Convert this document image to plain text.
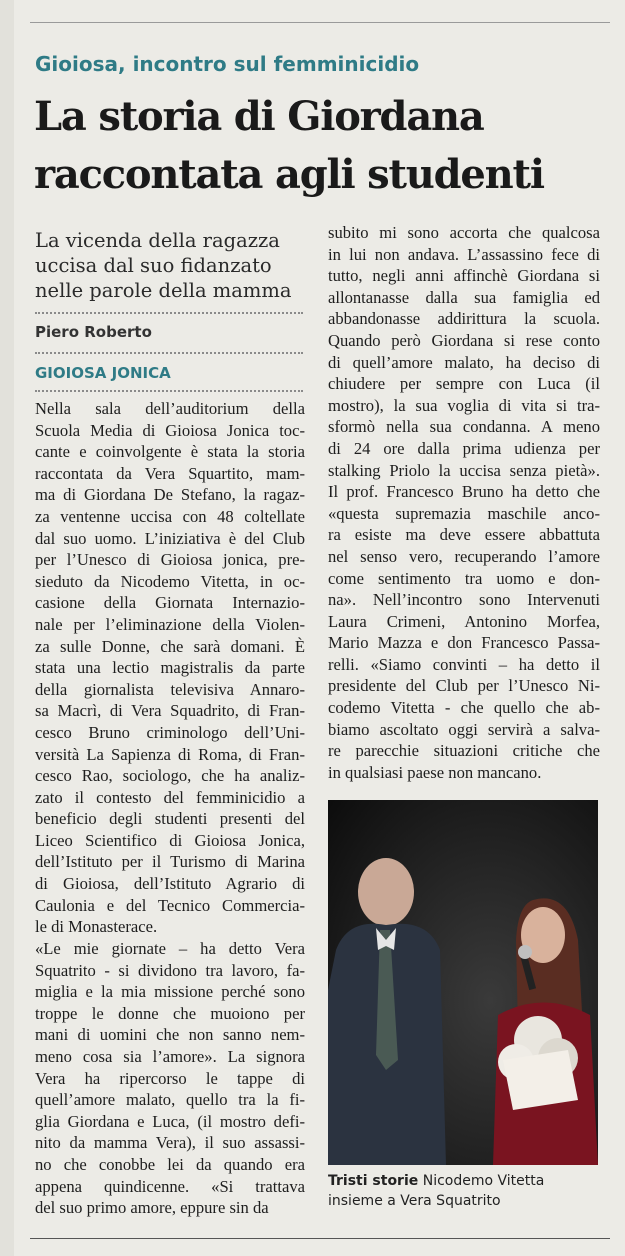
Gioiosa, incontro sul femminicidio
La storia di Giordana
raccontata agli studenti
La vicenda della ragazza
uccisa dal suo fidanzato
nelle parole della mamma
Piero Roberto
GIOIOSA JONICA
Nella sala dell’auditorium della
Scuola Media di Gioiosa Jonica toc-
cante e coinvolgente è stata la storia
raccontata da Vera Squartito, mam-
ma di Giordana De Stefano, la ragaz-
za ventenne uccisa con 48 coltellate
dal suo uomo. L’iniziativa è del Club
per l’Unesco di Gioiosa jonica, pre-
sieduto da Nicodemo Vitetta, in oc-
casione della Giornata Internazio-
nale per l’eliminazione della Violen-
za sulle Donne, che sarà domani. È
stata una lectio magistralis da parte
della giornalista televisiva Annaro-
sa Macrì, di Vera Squadrito, di Fran-
cesco Bruno criminologo dell’Uni-
versità La Sapienza di Roma, di Fran-
cesco Rao, sociologo, che ha analiz-
zato il contesto del femminicidio a
beneficio degli studenti presenti del
Liceo Scientifico di Gioiosa Jonica,
dell’Istituto per il Turismo di Marina
di Gioiosa, dell’Istituto Agrario di
Caulonia e del Tecnico Commercia-
le di Monasterace.
«Le mie giornate – ha detto Vera
Squatrito - si dividono tra lavoro, fa-
miglia e la mia missione perché sono
troppe le donne che muoiono per
mani di uomini che non sanno nem-
meno cosa sia l’amore». La signora
Vera ha ripercorso le tappe di
quell’amore malato, quello tra la fi-
glia Giordana e Luca, (il mostro defi-
nito da mamma Vera), il suo assassi-
no che conobbe lei da quando era
appena quindicenne. «Si trattava
del suo primo amore, eppure sin da
subito mi sono accorta che qualcosa
in lui non andava. L’assassino fece di
tutto, negli anni affinchè Giordana si
allontanasse dalla sua famiglia ed
abbandonasse addirittura la scuola.
Quando però Giordana si rese conto
di quell’amore malato, ha deciso di
chiudere per sempre con Luca (il
mostro), la sua voglia di vita si tra-
sformò nella sua condanna. A meno
di 24 ore dalla prima udienza per
stalking Priolo la uccisa senza pietà».
Il prof. Francesco Bruno ha detto che
«questa supremazia maschile anco-
ra esiste ma deve essere abbattuta
nel senso vero, recuperando l’amore
come sentimento tra uomo e don-
na». Nell’incontro sono Intervenuti
Laura Crimeni, Antonino Morfea,
Mario Mazza e don Francesco Passa-
relli. «Siamo convinti – ha detto il
presidente del Club per l’Unesco Ni-
codemo Vitetta - che quello che ab-
biamo ascoltato oggi servirà a salva-
re parecchie situazioni critiche che
in qualsiasi paese non mancano.
Tristi storie Nicodemo Vitetta
insieme a Vera Squatrito
